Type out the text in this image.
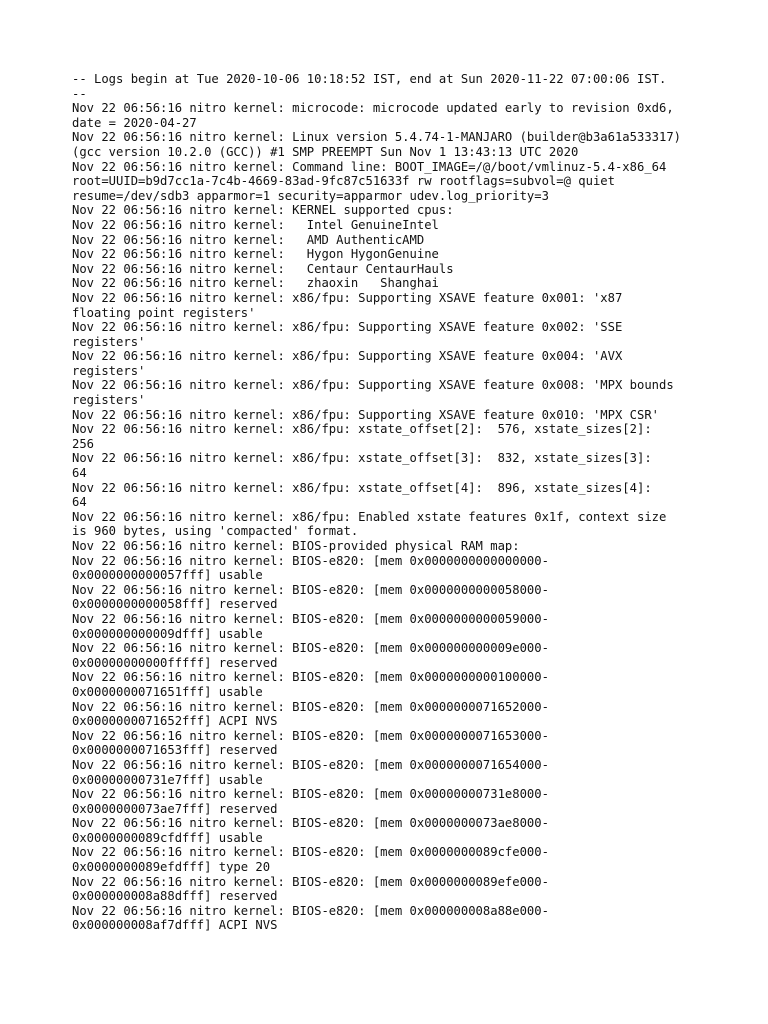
-- Logs begin at Tue 2020-10-06 10:18:52 IST, end at Sun 2020-11-22 07:00:06 IST.
--
Nov 22 06:56:16 nitro kernel: microcode: microcode updated early to revision 0xd6,
date = 2020-04-27
Nov 22 06:56:16 nitro kernel: Linux version 5.4.74-1-MANJARO (builder@b3a61a533317)
(gcc version 10.2.0 (GCC)) #1 SMP PREEMPT Sun Nov 1 13:43:13 UTC 2020
Nov 22 06:56:16 nitro kernel: Command line: BOOT_IMAGE=/@/boot/vmlinuz-5.4-x86_64
root=UUID=b9d7cc1a-7c4b-4669-83ad-9fc87c51633f rw rootflags=subvol=@ quiet
resume=/dev/sdb3 apparmor=1 security=apparmor udev.log_priority=3
Nov 22 06:56:16 nitro kernel: KERNEL supported cpus:
Nov 22 06:56:16 nitro kernel:   Intel GenuineIntel
Nov 22 06:56:16 nitro kernel:   AMD AuthenticAMD
Nov 22 06:56:16 nitro kernel:   Hygon HygonGenuine
Nov 22 06:56:16 nitro kernel:   Centaur CentaurHauls
Nov 22 06:56:16 nitro kernel:   zhaoxin   Shanghai
Nov 22 06:56:16 nitro kernel: x86/fpu: Supporting XSAVE feature 0x001: 'x87
floating point registers'
Nov 22 06:56:16 nitro kernel: x86/fpu: Supporting XSAVE feature 0x002: 'SSE
registers'
Nov 22 06:56:16 nitro kernel: x86/fpu: Supporting XSAVE feature 0x004: 'AVX
registers'
Nov 22 06:56:16 nitro kernel: x86/fpu: Supporting XSAVE feature 0x008: 'MPX bounds
registers'
Nov 22 06:56:16 nitro kernel: x86/fpu: Supporting XSAVE feature 0x010: 'MPX CSR'
Nov 22 06:56:16 nitro kernel: x86/fpu: xstate_offset[2]:  576, xstate_sizes[2]:
256
Nov 22 06:56:16 nitro kernel: x86/fpu: xstate_offset[3]:  832, xstate_sizes[3]:
64
Nov 22 06:56:16 nitro kernel: x86/fpu: xstate_offset[4]:  896, xstate_sizes[4]:
64
Nov 22 06:56:16 nitro kernel: x86/fpu: Enabled xstate features 0x1f, context size
is 960 bytes, using 'compacted' format.
Nov 22 06:56:16 nitro kernel: BIOS-provided physical RAM map:
Nov 22 06:56:16 nitro kernel: BIOS-e820: [mem 0x0000000000000000-
0x0000000000057fff] usable
Nov 22 06:56:16 nitro kernel: BIOS-e820: [mem 0x0000000000058000-
0x0000000000058fff] reserved
Nov 22 06:56:16 nitro kernel: BIOS-e820: [mem 0x0000000000059000-
0x000000000009dfff] usable
Nov 22 06:56:16 nitro kernel: BIOS-e820: [mem 0x000000000009e000-
0x00000000000fffff] reserved
Nov 22 06:56:16 nitro kernel: BIOS-e820: [mem 0x0000000000100000-
0x0000000071651fff] usable
Nov 22 06:56:16 nitro kernel: BIOS-e820: [mem 0x0000000071652000-
0x0000000071652fff] ACPI NVS
Nov 22 06:56:16 nitro kernel: BIOS-e820: [mem 0x0000000071653000-
0x0000000071653fff] reserved
Nov 22 06:56:16 nitro kernel: BIOS-e820: [mem 0x0000000071654000-
0x00000000731e7fff] usable
Nov 22 06:56:16 nitro kernel: BIOS-e820: [mem 0x00000000731e8000-
0x0000000073ae7fff] reserved
Nov 22 06:56:16 nitro kernel: BIOS-e820: [mem 0x0000000073ae8000-
0x0000000089cfdfff] usable
Nov 22 06:56:16 nitro kernel: BIOS-e820: [mem 0x0000000089cfe000-
0x0000000089efdfff] type 20
Nov 22 06:56:16 nitro kernel: BIOS-e820: [mem 0x0000000089efe000-
0x000000008a88dfff] reserved
Nov 22 06:56:16 nitro kernel: BIOS-e820: [mem 0x000000008a88e000-
0x000000008af7dfff] ACPI NVS
